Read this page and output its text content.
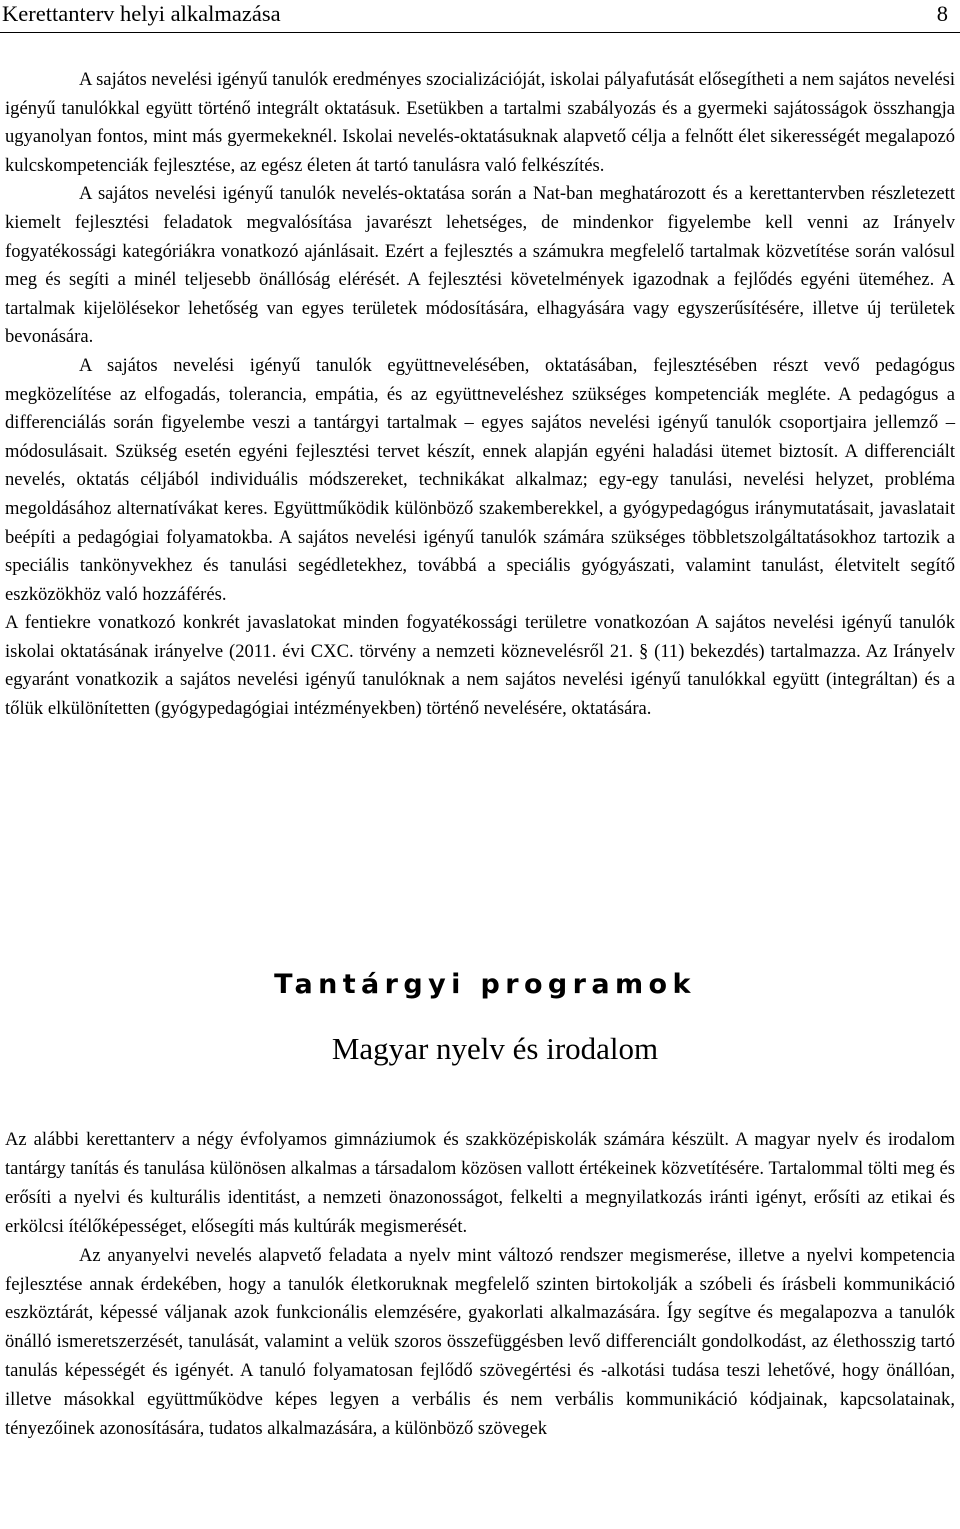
Kerettanterv helyi alkalmazása	8

A sajátos nevelési igényű tanulók eredményes szocializációját, iskolai pályafutását elősegítheti a nem sajátos nevelési igényű tanulókkal együtt történő integrált oktatásuk. Esetükben a tartalmi szabályozás és a gyermeki sajátosságok összhangja ugyanolyan fontos, mint más gyermekeknél. Iskolai nevelés-oktatásuknak alapvető célja a felnőtt élet sikerességét megalapozó kulcskompetenciák fejlesztése, az egész életen át tartó tanulásra való felkészítés.

A sajátos nevelési igényű tanulók nevelés-oktatása során a Nat-ban meghatározott és a kerettantervben részletezett kiemelt fejlesztési feladatok megvalósítása javarészt lehetséges, de mindenkor figyelembe kell venni az Irányelv fogyatékossági kategóriákra vonatkozó ajánlásait. Ezért a fejlesztés a számukra megfelelő tartalmak közvetítése során valósul meg és segíti a minél teljesebb önállóság elérését. A fejlesztési követelmények igazodnak a fejlődés egyéni üteméhez. A tartalmak kijelölésekor lehetőség van egyes területek módosítására, elhagyására vagy egyszerűsítésére, illetve új területek bevonására.

A sajátos nevelési igényű tanulók együttnevelésében, oktatásában, fejlesztésében részt vevő pedagógus megközelítése az elfogadás, tolerancia, empátia, és az együttneveléshez szükséges kompetenciák megléte. A pedagógus a differenciálás során figyelembe veszi a tantárgyi tartalmak – egyes sajátos nevelési igényű tanulók csoportjaira jellemző – módosulásait. Szükség esetén egyéni fejlesztési tervet készít, ennek alapján egyéni haladási ütemet biztosít. A differenciált nevelés, oktatás céljából individuális módszereket, technikákat alkalmaz; egy-egy tanulási, nevelési helyzet, probléma megoldásához alternatívákat keres. Együttműködik különböző szakemberekkel, a gyógypedagógus iránymutatásait, javaslatait beépíti a pedagógiai folyamatokba. A sajátos nevelési igényű tanulók számára szükséges többletszolgáltatásokhoz tartozik a speciális tankönyvekhez és tanulási segédletekhez, továbbá a speciális gyógyászati, valamint tanulást, életvitelt segítő eszközökhöz való hozzáférés.

A fentiekre vonatkozó konkrét javaslatokat minden fogyatékossági területre vonatkozóan A sajátos nevelési igényű tanulók iskolai oktatásának irányelve (2011. évi CXC. törvény a nemzeti köznevelésről 21. § (11) bekezdés) tartalmazza. Az Irányelv egyaránt vonatkozik a sajátos nevelési igényű tanulóknak a nem sajátos nevelési igényű tanulókkal együtt (integráltan) és a tőlük elkülönítetten (gyógypedagógiai intézményekben) történő nevelésére, oktatására.

Tantárgyi programok
Magyar nyelv és irodalom

Az alábbi kerettanterv a négy évfolyamos gimnáziumok és szakközépiskolák számára készült. A magyar nyelv és irodalom tantárgy tanítás és tanulása különösen alkalmas a társadalom közösen vallott értékeinek közvetítésére. Tartalommal tölti meg és erősíti a nyelvi és kulturális identitást, a nemzeti önazonosságot, felkelti a megnyilatkozás iránti igényt, erősíti az etikai és erkölcsi ítélőképességet, elősegíti más kultúrák megismerését.

Az anyanyelvi nevelés alapvető feladata a nyelv mint változó rendszer megismerése, illetve a nyelvi kompetencia fejlesztése annak érdekében, hogy a tanulók életkoruknak megfelelő szinten birtokolják a szóbeli és írásbeli kommunikáció eszköztárát, képessé váljanak azok funkcionális elemzésére, gyakorlati alkalmazására. Így segítve és megalapozva a tanulók önálló ismeretszerzését, tanulását, valamint a velük szoros összefüggésben levő differenciált gondolkodást, az élethosszig tartó tanulás képességét és igényét. A tanuló folyamatosan fejlődő szövegértési és -alkotási tudása teszi lehetővé, hogy önállóan, illetve másokkal együttműködve képes legyen a verbális és nem verbális kommunikáció kódjainak, kapcsolatainak, tényezőinek azonosítására, tudatos alkalmazására, a különböző szövegek
